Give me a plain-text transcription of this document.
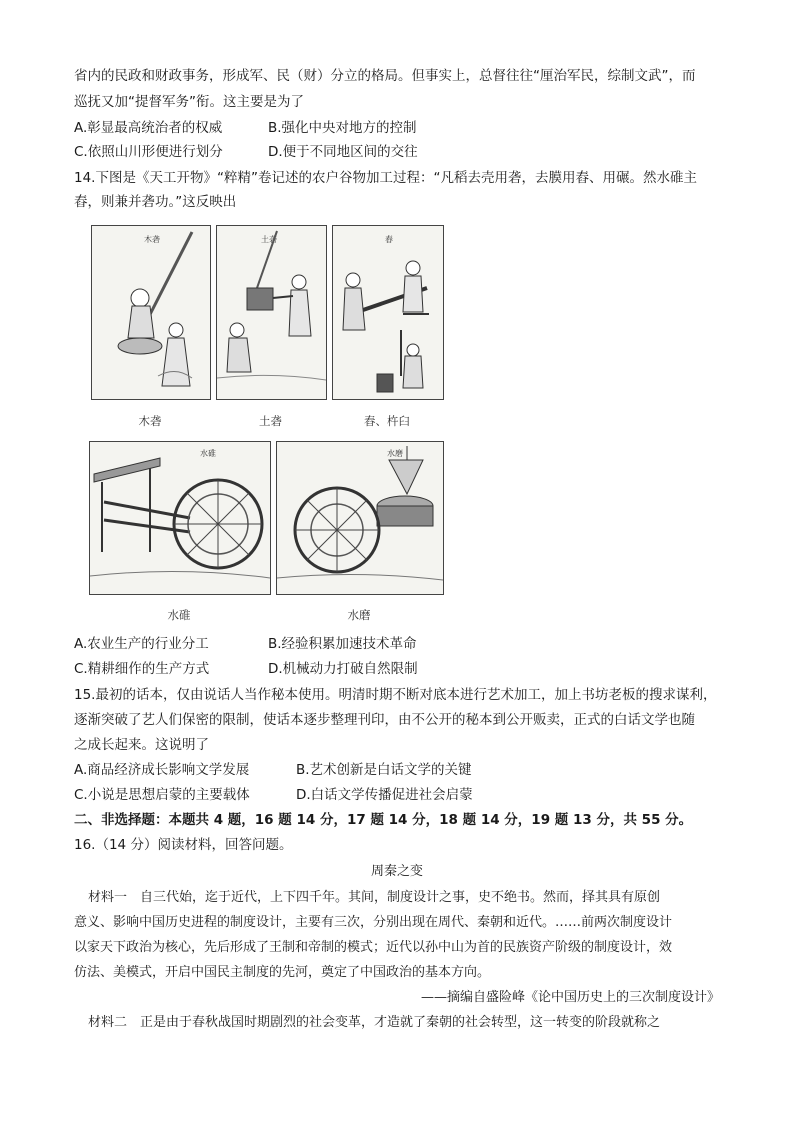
省内的民政和财政事务，形成军、民（财）分立的格局。但事实上，总督往往“厘治军民，综制文武”，而
巡抚又加“提督军务”衔。这主要是为了
A.彰显最高统治者的权威	B.强化中央对地方的控制
C.依照山川形便进行划分	D.便于不同地区间的交往
14.下图是《天工开物》“粹精”卷记述的农户谷物加工过程：“凡稻去壳用砻，去膜用舂、用碾。然水碓主
舂，则兼并砻功。”这反映出
木砻
木砻
土砻
土砻
舂
舂、杵臼
水碓
水碓
水磨
水磨
A.农业生产的行业分工	B.经验积累加速技术革命
C.精耕细作的生产方式	D.机械动力打破自然限制
15.最初的话本，仅由说话人当作秘本使用。明清时期不断对底本进行艺术加工，加上书坊老板的搜求谋利，
逐渐突破了艺人们保密的限制，使话本逐步整理刊印，由不公开的秘本到公开贩卖，正式的白话文学也随
之成长起来。这说明了
A.商品经济成长影响文学发展	B.艺术创新是白话文学的关键
C.小说是思想启蒙的主要载体	D.白话文学传播促进社会启蒙
二、非选择题：本题共 4 题，16 题 14 分，17 题 14 分，18 题 14 分，19 题 13 分，共 55 分。
16.（14 分）阅读材料，回答问题。
周秦之变
材料一　自三代始，迄于近代，上下四千年。其间，制度设计之事，史不绝书。然而，择其具有原创
意义、影响中国历史进程的制度设计，主要有三次，分别出现在周代、秦朝和近代。……前两次制度设计
以家天下政治为核心，先后形成了王制和帝制的模式；近代以孙中山为首的民族资产阶级的制度设计，效
仿法、美模式，开启中国民主制度的先河，奠定了中国政治的基本方向。
——摘编自盛险峰《论中国历史上的三次制度设计》
材料二　正是由于春秋战国时期剧烈的社会变革，才造就了秦朝的社会转型，这一转变的阶段就称之
